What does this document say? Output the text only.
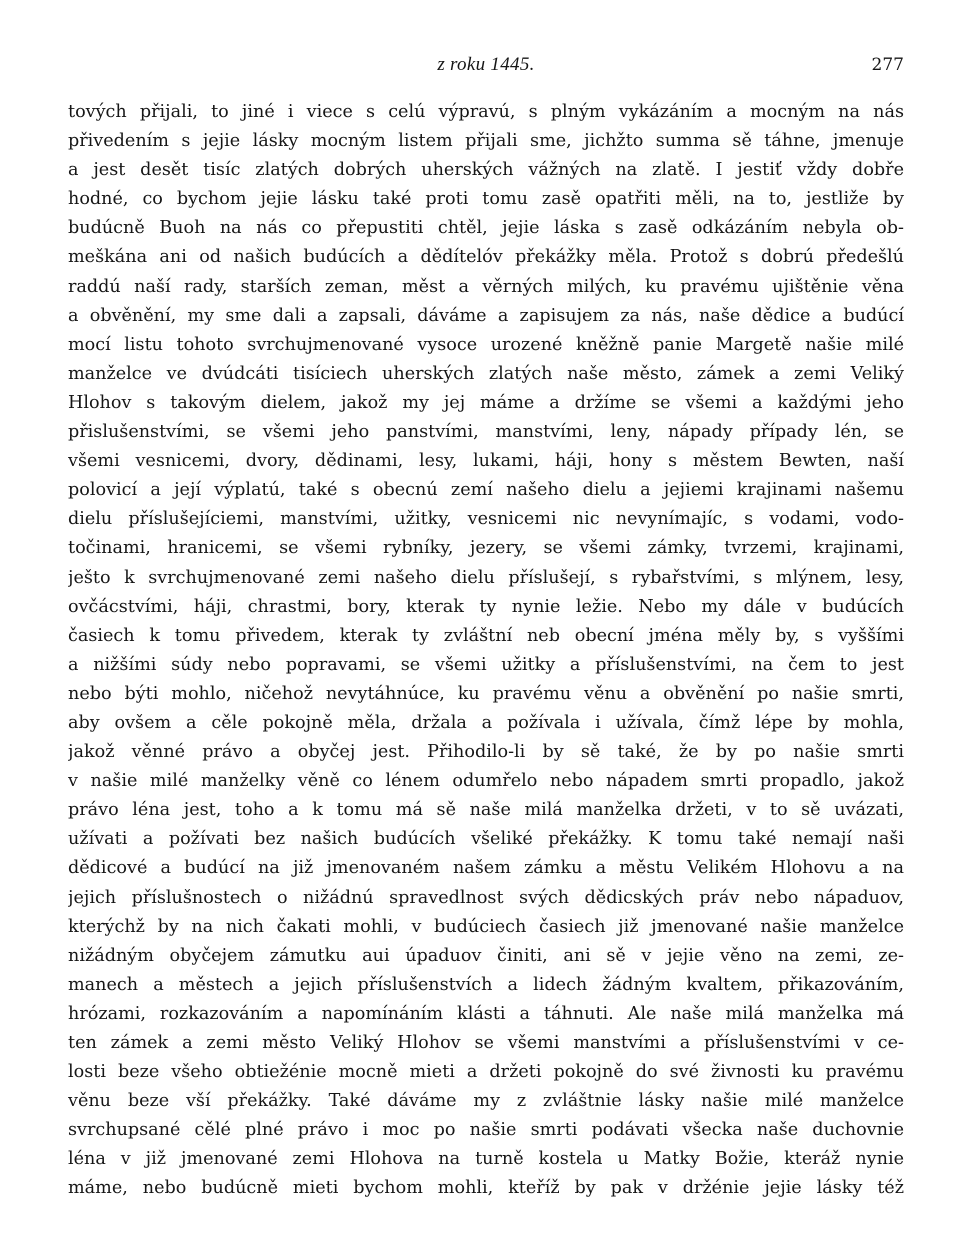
z roku 1445.	277
tových přijali, to jiné i viece s celú výpravú, s plným vykázáním a mocným na nás
přivedením s jejie lásky mocným listem přijali sme, jichžto summa sě táhne, jmenuje
a jest desět tisíc zlatých dobrých uherských vážných na zlatě. I jestiť vždy dobře
hodné, co bychom jejie lásku také proti tomu zasě opatřiti měli, na to, jestliže by
budúcně Buoh na nás co přepustiti chtěl, jejie láska s zasě odkázáním nebyla ob-
meškána ani od našich budúcích a dědítelóv překážky měla. Protož s dobrú předešlú
raddú naší rady, starších zeman, měst a věrných milých, ku pravému ujištěnie věna
a obvěnění, my sme dali a zapsali, dáváme a zapisujem za nás, naše dědice a budúcí
mocí listu tohoto svrchujmenované vysoce urozené kněžně panie Margetě našie milé
manželce ve dvúdcáti tisíciech uherských zlatých naše město, zámek a zemi Veliký
Hlohov s takovým dielem, jakož my jej máme a držíme se všemi a každými jeho
přislušenstvími, se všemi jeho panstvími, manstvími, leny, nápady případy lén, se
všemi vesnicemi, dvory, dědinami, lesy, lukami, háji, hony s městem Bewten, naší
polovicí a její výplatú, také s obecnú zemí našeho dielu a jejiemi krajinami našemu
dielu příslušejíciemi, manstvími, užitky, vesnicemi nic nevynímajíc, s vodami, vodo-
točinami, hranicemi, se všemi rybníky, jezery, se všemi zámky, tvrzemi, krajinami,
ješto k svrchujmenované zemi našeho dielu příslušejí, s rybařstvími, s mlýnem, lesy,
ovčácstvími, háji, chrastmi, bory, kterak ty nynie ležie. Nebo my dále v budúcích
časiech k tomu přivedem, kterak ty zvláštní neb obecní jména měly by, s vyššími
a nižšími súdy nebo popravami, se všemi užitky a příslušenstvími, na čem to jest
nebo býti mohlo, ničehož nevytáhnúce, ku pravému věnu a obvěnění po našie smrti,
aby ovšem a cěle pokojně měla, držala a požívala i užívala, čímž lépe by mohla,
jakož věnné právo a obyčej jest. Přihodilo-li by sě také, že by po našie smrti
v našie milé manželky věně co lénem odumřelo nebo nápadem smrti propadlo, jakož
právo léna jest, toho a k tomu má sě naše milá manželka držeti, v to sě uvázati,
užívati a požívati bez našich budúcích všeliké překážky. K tomu také nemají naši
dědicové a budúcí na již jmenovaném našem zámku a městu Velikém Hlohovu a na
jejich příslušnostech o nižádnú spravedlnost svých dědicských práv nebo nápaduov,
kterýchž by na nich čakati mohli, v budúciech časiech již jmenované našie manželce
nižádným obyčejem zámutku aui úpaduov činiti, ani sě v jejie věno na zemi, ze-
manech a městech a jejich příslušenstvích a lidech žádným kvaltem, přikazováním,
hrózami, rozkazováním a napomínáním klásti a táhnuti. Ale naše milá manželka má
ten zámek a zemi město Veliký Hlohov se všemi manstvími a příslušenstvími v ce-
losti beze všeho obtiežénie mocně mieti a držeti pokojně do své živnosti ku pravému
věnu beze vší překážky. Také dáváme my z zvláštnie lásky našie milé manželce
svrchupsané cělé plné právo i moc po našie smrti podávati všecka naše duchovnie
léna v již jmenované zemi Hlohova na turně kostela u Matky Božie, kteráž nynie
máme, nebo budúcně mieti bychom mohli, kteříž by pak v držénie jejie lásky též
